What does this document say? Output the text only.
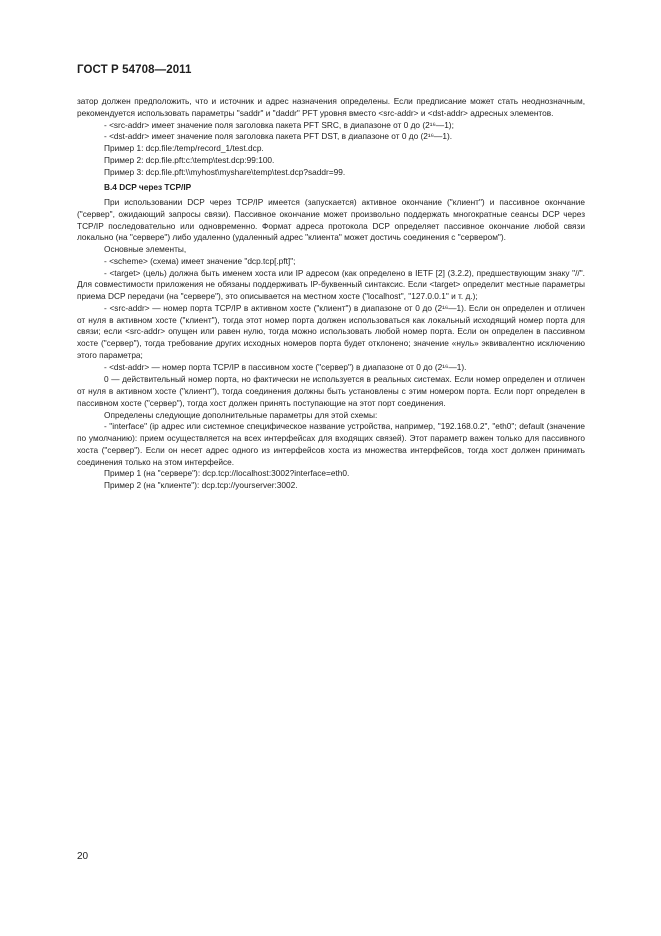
ГОСТ Р 54708—2011

затор должен предположить, что и источник и адрес назначения определены. Если предписание может стать неоднозначным, рекомендуется использовать параметры "saddr" и "daddr" PFT уровня вместо <src-addr> и <dst-addr> адресных элементов.

- <src-addr> имеет значение поля заголовка пакета PFT SRC, в диапазоне от 0 до (2¹⁶—1);

- <dst-addr> имеет значение поля заголовка пакета PFT DST, в диапазоне от 0 до (2¹⁶—1).

Пример 1: dcp.file:/temp/record_1/test.dcp.

Пример 2: dcp.file.pft:c:\temp\test.dcp:99:100.

Пример 3: dcp.file.pft:\\myhost\myshare\temp\test.dcp?saddr=99.

В.4 DCP через TCP/IP

При использовании DCP через TCP/IP имеется (запускается) активное окончание ("клиент") и пассивное окончание ("сервер", ожидающий запросы связи). Пассивное окончание может произвольно поддержать многократные сеансы DCP через TCP/IP последовательно или одновременно. Формат адреса протокола DCP определяет пассивное окончание любой связи локально (на "сервере") либо удаленно (удаленный адрес "клиента" может достичь соединения с "сервером").

Основные элементы,

- <scheme> (схема) имеет значение "dcp.tcp[.pft]";

- <target> (цель) должна быть именем хоста или IP адресом (как определено в IETF [2] (3.2.2), предшествующим знаку "//". Для совместимости приложения не обязаны поддерживать IP-буквенный синтаксис. Если <target> определит местные параметры приема DCP передачи (на "сервере"), это описывается на местном хосте ("localhost", "127.0.0.1" и т. д.);

- <src-addr> — номер порта TCP/IP в активном хосте ("клиент") в диапазоне от 0 до (2¹⁶—1). Если он определен и отличен от нуля в активном хосте ("клиент"), тогда этот номер порта должен использоваться как локальный исходящий номер порта для связи; если <src-addr> опущен или равен нулю, тогда можно использовать любой номер порта. Если он определен в пассивном хосте ("сервер"), тогда требование других исходных номеров порта будет отклонено; значение «нуль» эквивалентно исключению этого параметра;

- <dst-addr> — номер порта TCP/IP в пассивном хосте ("сервер") в диапазоне от 0 до (2¹⁶—1).

0 — действительный номер порта, но фактически не используется в реальных системах. Если номер определен и отличен от нуля в активном хосте ("клиент"), тогда соединения должны быть установлены с этим номером порта. Если порт определен в пассивном хосте ("сервер"), тогда хост должен принять поступающие на этот порт соединения.

Определены следующие дополнительные параметры для этой схемы:

- "interface" (ip адрес или системное специфическое название устройства, например, "192.168.0.2", "eth0"; default (значение по умолчанию): прием осуществляется на всех интерфейсах для входящих связей). Этот параметр важен только для пассивного хоста ("сервер"). Если он несет адрес одного из интерфейсов хоста из множества интерфейсов, тогда хост должен принимать соединения только на этом интерфейсе.

Пример 1 (на "сервере"): dcp.tcp://localhost:3002?interface=eth0.

Пример 2 (на "клиенте"): dcp.tcp://yourserver:3002.

20
